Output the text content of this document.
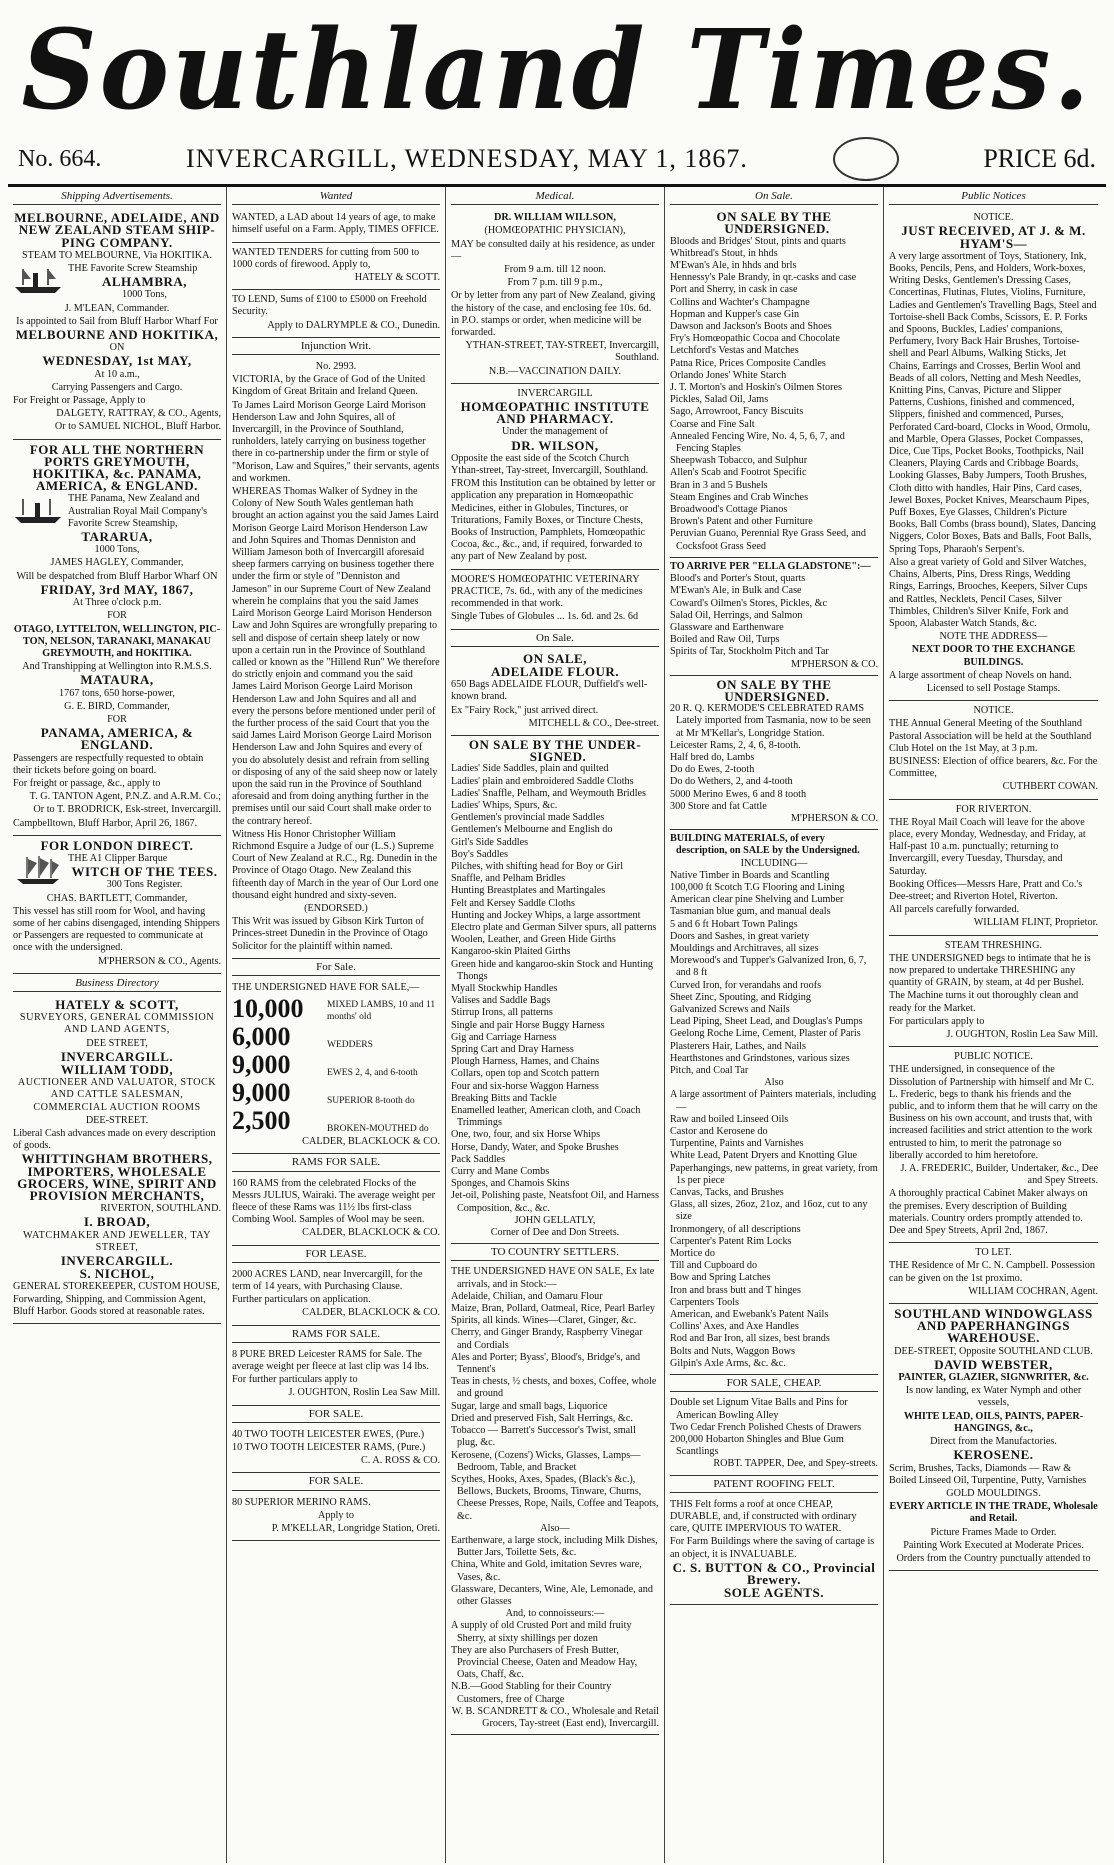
Southland Times.
No. 664.	INVERCARGILL, WEDNESDAY, MAY 1, 1867.	PRICE 6d.
Shipping Advertisements.

MELBOURNE, ADELAIDE, AND NEW ZEALAND STEAM SHIP-PING COMPANY.

STEAM TO MELBOURNE, Via HOKITIKA.

THE Favorite Screw Steamship

ALHAMBRA,

1000 Tons,

J. M'LEAN, Commander.

Is appointed to Sail from Bluff Harbor Wharf For

MELBOURNE AND HOKITIKA,

ON

WEDNESDAY, 1st MAY,

At 10 a.m.,

Carrying Passengers and Cargo.

For Freight or Passage, Apply to

DALGETY, RATTRAY, & CO., Agents,

Or to SAMUEL NICHOL, Bluff Harbor.

FOR ALL THE NORTHERN PORTS GREYMOUTH, HOKITIKA, &c. PANAMA, AMERICA, & ENGLAND.

THE Panama, New Zealand and Australian Royal Mail Company's Favorite Screw Steamship,

TARARUA,

1000 Tons,

JAMES HAGLEY, Commander,

Will be despatched from Bluff Harbor Wharf ON

FRIDAY, 3rd MAY, 1867,

At Three o'clock p.m.

FOR

OTAGO, LYTTELTON, WELLINGTON, PIC-TON, NELSON, TARANAKI, MANAKAU GREYMOUTH, and HOKITIKA.

And Transhipping at Wellington into R.M.S.S.

MATAURA,

1767 tons, 650 horse-power,

G. E. BIRD, Commander,

FOR

PANAMA, AMERICA, & ENGLAND.

Passengers are respectfully requested to obtain their tickets before going on board.

For freight or passage, &c., apply to

T. G. TANTON Agent, P.N.Z. and A.R.M. Co.;

Or to T. BRODRICK, Esk-street, Invercargill.

Campbelltown, Bluff Harbor, April 26, 1867.

FOR LONDON DIRECT.

THE A1 Clipper Barque

WITCH OF THE TEES.

300 Tons Register.

CHAS. BARTLETT, Commander,

This vessel has still room for Wool, and having some of her cabins disengaged, intending Shippers or Passengers are requested to communicate at once with the undersigned.

M'PHERSON & CO., Agents.

Business Directory

HATELY & SCOTT,

SURVEYORS, GENERAL COMMISSION AND LAND AGENTS,

DEE STREET,

INVERCARGILL.

WILLIAM TODD,

AUCTIONEER AND VALUATOR, STOCK AND CATTLE SALESMAN, COMMERCIAL AUCTION ROOMS

DEE-STREET.

Liberal Cash advances made on every description of goods.

WHITTINGHAM BROTHERS, IMPORTERS, WHOLESALE GROCERS, WINE, SPIRIT AND PROVISION MERCHANTS,

RIVERTON, SOUTHLAND.

I. BROAD,

WATCHMAKER AND JEWELLER, TAY STREET,

INVERCARGILL.

S. NICHOL,

GENERAL STOREKEEPER, CUSTOM HOUSE, Forwarding, Shipping, and Commission Agent, Bluff Harbor. Goods stored at reasonable rates.

Wanted

WANTED, a LAD about 14 years of age, to make himself useful on a Farm. Apply, TIMES OFFICE.

WANTED TENDERS for cutting from 500 to 1000 cords of firewood. Apply to,

HATELY & SCOTT.

TO LEND, Sums of £100 to £5000 on Freehold Security.

Apply to DALRYMPLE & CO., Dunedin.

Injunction Writ.

No. 2993.

VICTORIA, by the Grace of God of the United Kingdom of Great Britain and Ireland Queen.

To James Laird Morison George Laird Morison Henderson Law and John Squires, all of Invercargill, in the Province of Southland, runholders, lately carrying on business together there in co-partnership under the firm or style of "Morison, Law and Squires," their servants, agents and workmen.

WHEREAS Thomas Walker of Sydney in the Colony of New South Wales gentleman hath brought an action against you the said James Laird Morison George Laird Morison Henderson Law and John Squires and Thomas Denniston and William Jameson both of Invercargill aforesaid sheep farmers carrying on business together there under the firm or style of "Denniston and Jameson" in our Supreme Court of New Zealand wherein he complains that you the said James Laird Morison George Laird Morison Henderson Law and John Squires are wrongfully preparing to sell and dispose of certain sheep lately or now upon a certain run in the Province of Southland called or known as the "Hillend Run" We therefore do strictly enjoin and command you the said James Laird Morison George Laird Morison Henderson Law and John Squires and all and every the persons before mentioned under peril of the further process of the said Court that you the said James Laird Morison George Laird Morison Henderson Law and John Squires and every of you do absolutely desist and refrain from selling or disposing of any of the said sheep now or lately upon the said run in the Province of Southland aforesaid and from doing anything further in the premises until our said Court shall make order to the contrary hereof.

Witness His Honor Christopher William Richmond Esquire a Judge of our (L.S.) Supreme Court of New Zealand at R.C., Rg. Dunedin in the Province of Otago Otago. New Zealand this fifteenth day of March in the year of Our Lord one thousand eight hundred and sixty-seven.

(ENDORSED.)

This Writ was issued by Gibson Kirk Turton of Princes-street Dunedin in the Province of Otago Solicitor for the plaintiff within named.

For Sale.

THE UNDERSIGNED HAVE FOR SALE,—

10,000	MIXED LAMBS, 10 and 11 months' old
6,000	WEDDERS
9,000	EWES 2, 4, and 6-tooth
9,000	SUPERIOR 8-tooth do
2,500	BROKEN-MOUTHED do

CALDER, BLACKLOCK & CO.

RAMS FOR SALE.

160 RAMS from the celebrated Flocks of the Messrs JULIUS, Wairaki. The average weight per fleece of these Rams was 11½ lbs first-class Combing Wool. Samples of Wool may be seen.

CALDER, BLACKLOCK & CO.

FOR LEASE.

2000 ACRES LAND, near Invercargill, for the term of 14 years, with Purchasing Clause.

Further particulars on application.

CALDER, BLACKLOCK & CO.

RAMS FOR SALE.

8 PURE BRED Leicester RAMS for Sale. The average weight per fleece at last clip was 14 lbs.

For further particulars apply to

J. OUGHTON, Roslin Lea Saw Mill.

FOR SALE.

40 TWO TOOTH LEICESTER EWES, (Pure.)

10 TWO TOOTH LEICESTER RAMS, (Pure.)

C. A. ROSS & CO.

FOR SALE.

80 SUPERIOR MERINO RAMS.

Apply to

P. M'KELLAR, Longridge Station, Oreti.

Medical.

DR. WILLIAM WILLSON,

(HOMŒOPATHIC PHYSICIAN),

MAY be consulted daily at his residence, as under—

From 9 a.m. till 12 noon.

From 7 p.m. till 9 p.m.,

Or by letter from any part of New Zealand, giving the history of the case, and enclosing fee 10s. 6d. in P.O. stamps or order, when medicine will be forwarded.

YTHAN-STREET, TAY-STREET, Invercargill, Southland.

N.B.—VACCINATION DAILY.

INVERCARGILL

HOMŒOPATHIC INSTITUTE AND PHARMACY.

Under the management of

DR. WILSON,

Opposite the east side of the Scotch Church Ythan-street, Tay-street, Invercargill, Southland.

FROM this Institution can be obtained by letter or application any preparation in Homœopathic Medicines, either in Globules, Tinctures, or Triturations, Family Boxes, or Tincture Chests, Books of Instruction, Pamphlets, Homœopathic Cocoa, &c., &c., and, if required, forwarded to any part of New Zealand by post.

MOORE'S HOMŒOPATHIC VETERINARY PRACTICE, 7s. 6d., with any of the medicines recommended in that work.

Single Tubes of Globules ... 1s. 6d. and 2s. 6d

On Sale.

ON SALE,

ADELAIDE FLOUR.

650 Bags ADELAIDE FLOUR, Duffield's well-known brand.

Ex "Fairy Rock," just arrived direct.

MITCHELL & CO., Dee-street.

ON SALE BY THE UNDER-SIGNED.

Ladies' Side Saddles, plain and quilted

Ladies' plain and embroidered Saddle Cloths

Ladies' Snaffle, Pelham, and Weymouth Bridles

Ladies' Whips, Spurs, &c.

Gentlemen's provincial made Saddles

Gentlemen's Melbourne and English do

Girl's Side Saddles

Boy's Saddles

Pilches, with shifting head for Boy or Girl

Snaffle, and Pelham Bridles

Hunting Breastplates and Martingales

Felt and Kersey Saddle Cloths

Hunting and Jockey Whips, a large assortment

Electro plate and German Silver spurs, all patterns

Woolen, Leather, and Green Hide Girths

Kangaroo-skin Plaited Girths

Green hide and kangaroo-skin Stock and Hunting Thongs

Myall Stockwhip Handles

Valises and Saddle Bags

Stirrup Irons, all patterns

Single and pair Horse Buggy Harness

Gig and Carriage Harness

Spring Cart and Dray Harness

Plough Harness, Hames, and Chains

Collars, open top and Scotch pattern

Four and six-horse Waggon Harness

Breaking Bitts and Tackle

Enamelled leather, American cloth, and Coach Trimmings

One, two, four, and six Horse Whips

Horse, Dandy, Water, and Spoke Brushes

Pack Saddles

Curry and Mane Combs

Sponges, and Chamois Skins

Jet-oil, Polishing paste, Neatsfoot Oil, and Harness Composition, &c., &c.

JOHN GELLATLY,

Corner of Dee and Don Streets.

TO COUNTRY SETTLERS.

THE UNDERSIGNED HAVE ON SALE, Ex late arrivals, and in Stock:—

Adelaide, Chilian, and Oamaru Flour

Maize, Bran, Pollard, Oatmeal, Rice, Pearl Barley

Spirits, all kinds. Wines—Claret, Ginger, &c.

Cherry, and Ginger Brandy, Raspberry Vinegar and Cordials

Ales and Porter; Byass', Blood's, Bridge's, and Tennent's

Teas in chests, ½ chests, and boxes, Coffee, whole and ground

Sugar, large and small bags, Liquorice

Dried and preserved Fish, Salt Herrings, &c.

Tobacco — Barrett's Successor's Twist, small plug, &c.

Kerosene, (Cozens') Wicks, Glasses, Lamps—Bedroom, Table, and Bracket

Scythes, Hooks, Axes, Spades, (Black's &c.), Bellows, Buckets, Brooms, Tinware, Churns, Cheese Presses, Rope, Nails, Coffee and Teapots, &c.

Also—

Earthenware, a large stock, including Milk Dishes, Butter Jars, Toilette Sets, &c.

China, White and Gold, imitation Sevres ware, Vases, &c.

Glassware, Decanters, Wine, Ale, Lemonade, and other Glasses

And, to connoisseurs:—

A supply of old Crusted Port and mild fruity Sherry, at sixty shillings per dozen

They are also Purchasers of Fresh Butter, Provincial Cheese, Oaten and Meadow Hay, Oats, Chaff, &c.

N.B.—Good Stabling for their Country Customers, free of Charge

W. B. SCANDRETT & CO., Wholesale and Retail Grocers, Tay-street (East end), Invercargill.

On Sale.

ON SALE BY THE UNDERSIGNED.

Bloods and Bridges' Stout, pints and quarts

Whitbread's Stout, in hhds

M'Ewan's Ale, in hhds and brls

Hennessy's Pale Brandy, in qr.-casks and case

Port and Sherry, in cask in case

Collins and Wachter's Champagne

Hopman and Kupper's case Gin

Dawson and Jackson's Boots and Shoes

Fry's Homœopathic Cocoa and Chocolate

Letchford's Vestas and Matches

Patna Rice, Prices Composite Candles

Orlando Jones' White Starch

J. T. Morton's and Hoskin's Oilmen Stores

Pickles, Salad Oil, Jams

Sago, Arrowroot, Fancy Biscuits

Coarse and Fine Salt

Annealed Fencing Wire, No. 4, 5, 6, 7, and Fencing Staples

Sheepwash Tobacco, and Sulphur

Allen's Scab and Footrot Specific

Bran in 3 and 5 Bushels

Steam Engines and Crab Winches

Broadwood's Cottage Pianos

Brown's Patent and other Furniture

Peruvian Guano, Perennial Rye Grass Seed, and Cocksfoot Grass Seed

TO ARRIVE PER "ELLA GLADSTONE":—

Blood's and Porter's Stout, quarts

M'Ewan's Ale, in Bulk and Case

Coward's Oilmen's Stores, Pickles, &c

Salad Oil, Herrings, and Salmon

Glassware and Earthenware

Boiled and Raw Oil, Turps

Spirits of Tar, Stockholm Pitch and Tar

M'PHERSON & CO.

ON SALE BY THE UNDERSIGNED.

20 R. Q. KERMODE'S CELEBRATED RAMS Lately imported from Tasmania, now to be seen at Mr M'Kellar's, Longridge Station.

Leicester Rams, 2, 4, 6, 8-tooth.

Half bred do, Lambs

Do do Ewes, 2-tooth

Do do Wethers, 2, and 4-tooth

5000 Merino Ewes, 6 and 8 tooth

300 Store and fat Cattle

M'PHERSON & CO.

BUILDING MATERIALS, of every description, on SALE by the Undersigned.

INCLUDING—

Native Timber in Boards and Scantling

100,000 ft Scotch T.G Flooring and Lining

American clear pine Shelving and Lumber

Tasmanian blue gum, and manual deals

5 and 6 ft Hobart Town Palings

Doors and Sashes, in great variety

Mouldings and Architraves, all sizes

Morewood's and Tupper's Galvanized Iron, 6, 7, and 8 ft

Curved Iron, for verandahs and roofs

Sheet Zinc, Spouting, and Ridging

Galvanized Screws and Nails

Lead Piping, Sheet Lead, and Douglas's Pumps

Geelong Roche Lime, Cement, Plaster of Paris

Plasterers Hair, Lathes, and Nails

Hearthstones and Grindstones, various sizes

Pitch, and Coal Tar

Also

A large assortment of Painters materials, including—

Raw and boiled Linseed Oils

Castor and Kerosene do

Turpentine, Paints and Varnishes

White Lead, Patent Dryers and Knotting Glue

Paperhangings, new patterns, in great variety, from 1s per piece

Canvas, Tacks, and Brushes

Glass, all sizes, 26oz, 21oz, and 16oz, cut to any size

Ironmongery, of all descriptions

Carpenter's Patent Rim Locks

Mortice do

Till and Cupboard do

Bow and Spring Latches

Iron and brass butt and T hinges

Carpenters Tools

American, and Ewebank's Patent Nails

Collins' Axes, and Axe Handles

Rod and Bar Iron, all sizes, best brands

Bolts and Nuts, Waggon Bows

Gilpin's Axle Arms, &c. &c.

FOR SALE, CHEAP.

Double set Lignum Vitae Balls and Pins for American Bowling Alley

Two Cedar French Polished Chests of Drawers

200,000 Hobarton Shingles and Blue Gum Scantlings

ROBT. TAPPER, Dee, and Spey-streets.

PATENT ROOFING FELT.

THIS Felt forms a roof at once CHEAP, DURABLE, and, if constructed with ordinary care, QUITE IMPERVIOUS TO WATER.

For Farm Buildings where the saving of cartage is an object, it is INVALUABLE.

C. S. BUTTON & CO., Provincial Brewery.

SOLE AGENTS.

Public Notices

NOTICE.

JUST RECEIVED, AT J. & M. HYAM'S—

A very large assortment of Toys, Stationery, Ink, Books, Pencils, Pens, and Holders, Work-boxes, Writing Desks, Gentlemen's Dressing Cases, Concertinas, Flutinas, Flutes, Violins, Furniture, Ladies and Gentlemen's Travelling Bags, Steel and Tortoise-shell Back Combs, Scissors, E. P. Forks and Spoons, Buckles, Ladies' companions, Perfumery, Ivory Back Hair Brushes, Tortoise-shell and Pearl Albums, Walking Sticks, Jet Chains, Earrings and Crosses, Berlin Wool and Beads of all colors, Netting and Mesh Needles, Knitting Pins, Canvas, Picture and Slipper Patterns, Cushions, finished and commenced, Slippers, finished and commenced, Purses, Perforated Card-board, Clocks in Wood, Ormolu, and Marble, Opera Glasses, Pocket Compasses, Dice, Cue Tips, Pocket Books, Toothpicks, Nail Cleaners, Playing Cards and Cribbage Boards, Looking Glasses, Baby Jumpers, Tooth Brushes, Cloth ditto with handles, Hair Pins, Card cases, Jewel Boxes, Pocket Knives, Mearschaum Pipes, Puff Boxes, Eye Glasses, Children's Picture Books, Ball Combs (brass bound), Slates, Dancing Niggers, Color Boxes, Bats and Balls, Foot Balls, Spring Tops, Pharaoh's Serpent's.

Also a great variety of Gold and Silver Watches, Chains, Alberts, Pins, Dress Rings, Wedding Rings, Earrings, Brooches, Keepers, Silver Cups and Rattles, Necklets, Pencil Cases, Silver Thimbles, Children's Silver Knife, Fork and Spoon, Alabaster Watch Stands, &c.

NOTE THE ADDRESS—

NEXT DOOR TO THE EXCHANGE BUILDINGS.

A large assortment of cheap Novels on hand.

Licensed to sell Postage Stamps.

NOTICE.

THE Annual General Meeting of the Southland Pastoral Association will be held at the Southland Club Hotel on the 1st May, at 3 p.m.

BUSINESS: Election of office bearers, &c. For the Committee,

CUTHBERT COWAN.

FOR RIVERTON.

THE Royal Mail Coach will leave for the above place, every Monday, Wednesday, and Friday, at Half-past 10 a.m. punctually; returning to Invercargill, every Tuesday, Thursday, and Saturday.

Booking Offices—Messrs Hare, Pratt and Co.'s Dee-street; and Riverton Hotel, Riverton.

All parcels carefully forwarded.

WILLIAM FLINT, Proprietor.

STEAM THRESHING.

THE UNDERSIGNED begs to intimate that he is now prepared to undertake THRESHING any quantity of GRAIN, by steam, at 4d per Bushel.

The Machine turns it out thoroughly clean and ready for the Market.

For particulars apply to

J. OUGHTON, Roslin Lea Saw Mill.

PUBLIC NOTICE.

THE undersigned, in consequence of the Dissolution of Partnership with himself and Mr C. L. Frederic, begs to thank his friends and the public, and to inform them that he will carry on the Business on his own account, and trusts that, with increased facilities and strict attention to the work entrusted to him, to merit the patronage so liberally accorded to him heretofore.

J. A. FREDERIC, Builder, Undertaker, &c., Dee and Spey Streets.

A thoroughly practical Cabinet Maker always on the premises. Every description of Building materials. Country orders promptly attended to. Dee and Spey Streets, April 2nd, 1867.

TO LET.

THE Residence of Mr C. N. Campbell. Possession can be given on the 1st proximo.

WILLIAM COCHRAN, Agent.

SOUTHLAND WINDOWGLASS AND PAPERHANGINGS WAREHOUSE.

DEE-STREET, Opposite SOUTHLAND CLUB.

DAVID WEBSTER,

PAINTER, GLAZIER, SIGNWRITER, &c.

Is now landing, ex Water Nymph and other vessels,

WHITE LEAD, OILS, PAINTS, PAPER-HANGINGS, &c.,

Direct from the Manufactories.

KEROSENE.

Scrim, Brushes, Tacks, Diamonds — Raw & Boiled Linseed Oil, Turpentine, Putty, Varnishes

GOLD MOULDINGS.

EVERY ARTICLE IN THE TRADE, Wholesale and Retail.

Picture Frames Made to Order.

Painting Work Executed at Moderate Prices.

Orders from the Country punctually attended to
